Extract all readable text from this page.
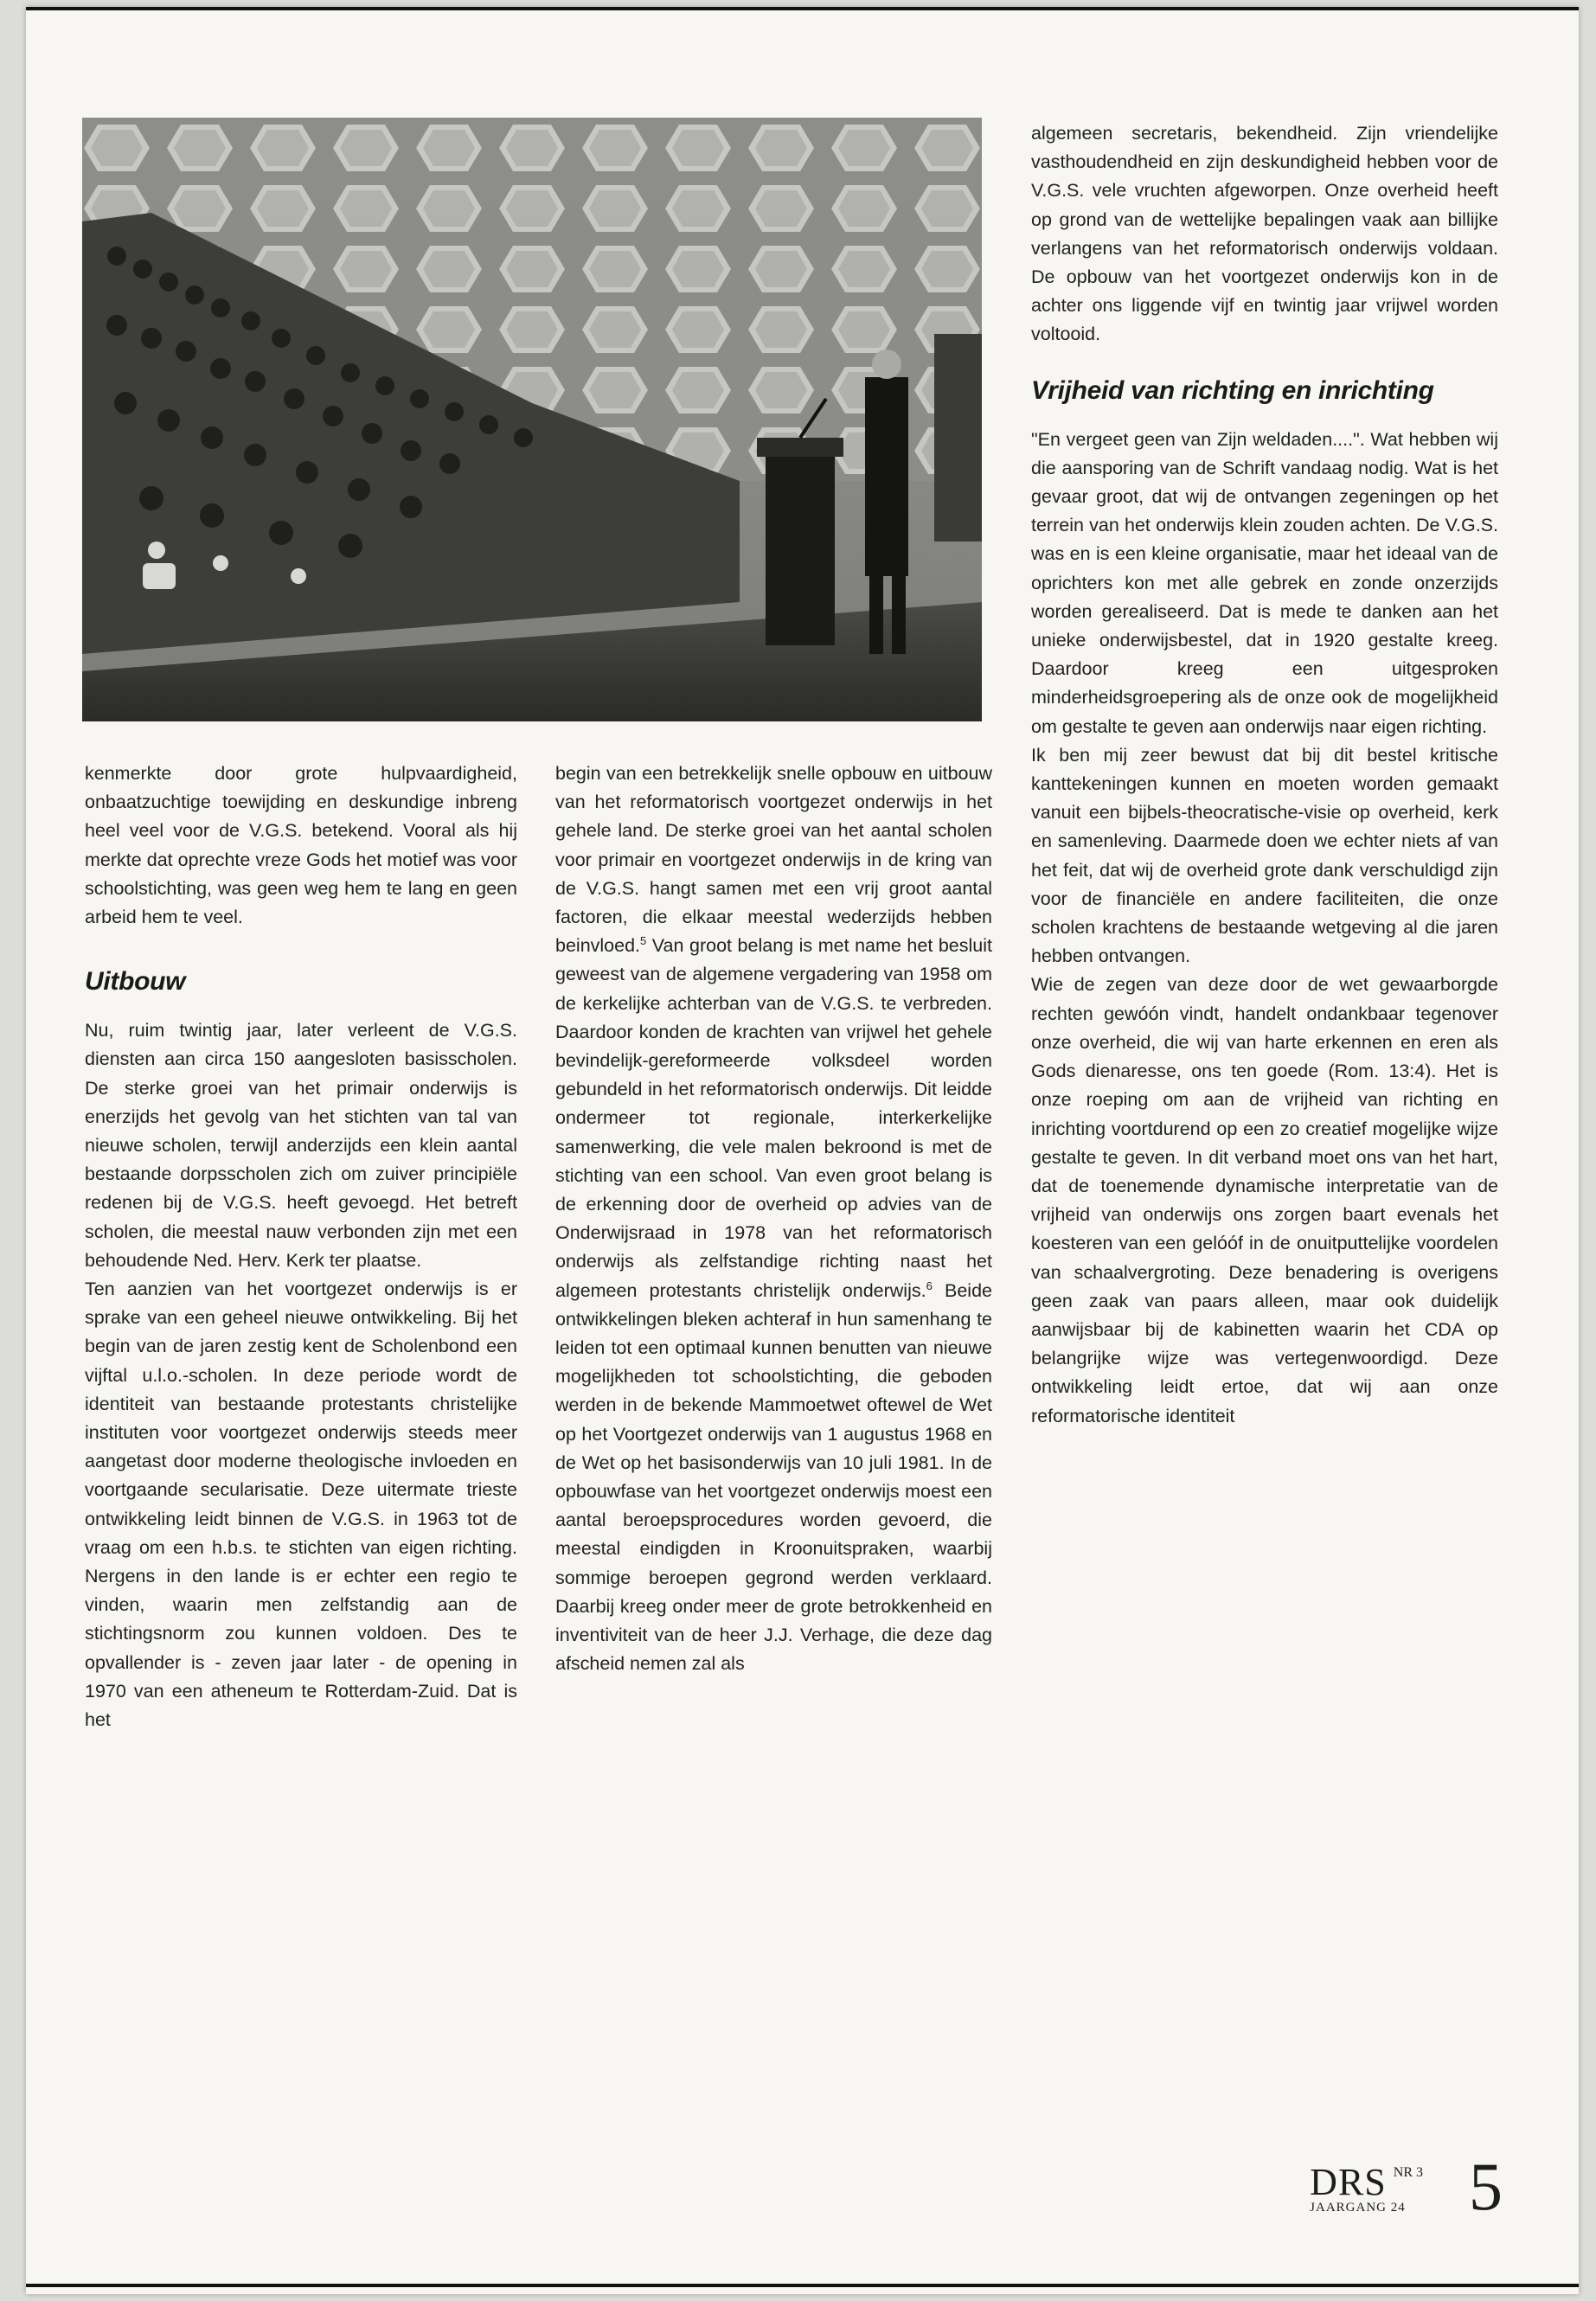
kenmerkte door grote hulpvaardigheid, onbaatzuchtige toewijding en deskundige inbreng heel veel voor de V.G.S. betekend. Vooral als hij merkte dat oprechte vreze Gods het motief was voor schoolstichting, was geen weg hem te lang en geen arbeid hem te veel.

Uitbouw

Nu, ruim twintig jaar, later verleent de V.G.S. diensten aan circa 150 aangesloten basisscholen. De sterke groei van het primair onderwijs is enerzijds het gevolg van het stichten van tal van nieuwe scholen, terwijl anderzijds een klein aantal bestaande dorpsscholen zich om zuiver principiële redenen bij de V.G.S. heeft gevoegd. Het betreft scholen, die meestal nauw verbonden zijn met een behoudende Ned. Herv. Kerk ter plaatse.

Ten aanzien van het voortgezet onderwijs is er sprake van een geheel nieuwe ontwikkeling. Bij het begin van de jaren zestig kent de Scholenbond een vijftal u.l.o.-scholen. In deze periode wordt de identiteit van bestaande protestants christelijke instituten voor voortgezet onderwijs steeds meer aangetast door moderne theologische invloeden en voortgaande secularisatie. Deze uitermate trieste ontwikkeling leidt binnen de V.G.S. in 1963 tot de vraag om een h.b.s. te stichten van eigen richting. Nergens in den lande is er echter een regio te vinden, waarin men zelfstandig aan de stichtingsnorm zou kunnen voldoen. Des te opvallender is - zeven jaar later - de opening in 1970 van een atheneum te Rotterdam-Zuid. Dat is het

begin van een betrekkelijk snelle opbouw en uitbouw van het reformatorisch voortgezet onderwijs in het gehele land. De sterke groei van het aantal scholen voor primair en voortgezet onderwijs in de kring van de V.G.S. hangt samen met een vrij groot aantal factoren, die elkaar meestal wederzijds hebben beinvloed.$^5$ Van groot belang is met name het besluit geweest van de algemene vergadering van 1958 om de kerkelijke achterban van de V.G.S. te verbreden. Daardoor konden de krachten van vrijwel het gehele bevindelijk-gereformeerde volksdeel worden gebundeld in het reformatorisch onderwijs. Dit leidde ondermeer tot regionale, interkerkelijke samenwerking, die vele malen bekroond is met de stichting van een school. Van even groot belang is de erkenning door de overheid op advies van de Onderwijsraad in 1978 van het reformatorisch onderwijs als zelfstandige richting naast het algemeen protestants christelijk onderwijs.$^6$ Beide ontwikkelingen bleken achteraf in hun samenhang te leiden tot een optimaal kunnen benutten van nieuwe mogelijkheden tot schoolstichting, die geboden werden in de bekende Mammoetwet oftewel de Wet op het Voortgezet onderwijs van 1 augustus 1968 en de Wet op het basisonderwijs van 10 juli 1981. In de opbouwfase van het voortgezet onderwijs moest een aantal beroepsprocedures worden gevoerd, die meestal eindigden in Kroonuitspraken, waarbij sommige beroepen gegrond werden verklaard. Daarbij kreeg onder meer de grote betrokkenheid en inventiviteit van de heer J.J. Verhage, die deze dag afscheid nemen zal als

algemeen secretaris, bekendheid. Zijn vriendelijke vasthoudendheid en zijn deskundigheid hebben voor de V.G.S. vele vruchten afgeworpen. Onze overheid heeft op grond van de wettelijke bepalingen vaak aan billijke verlangens van het reformatorisch onderwijs voldaan. De opbouw van het voortgezet onderwijs kon in de achter ons liggende vijf en twintig jaar vrijwel worden voltooid.

Vrijheid van richting en inrichting

"En vergeet geen van Zijn weldaden....". Wat hebben wij die aansporing van de Schrift vandaag nodig. Wat is het gevaar groot, dat wij de ontvangen zegeningen op het terrein van het onderwijs klein zouden achten. De V.G.S. was en is een kleine organisatie, maar het ideaal van de oprichters kon met alle gebrek en zonde onzerzijds worden gerealiseerd. Dat is mede te danken aan het unieke onderwijsbestel, dat in 1920 gestalte kreeg. Daardoor kreeg een uitgesproken minderheidsgroepering als de onze ook de mogelijkheid om gestalte te geven aan onderwijs naar eigen richting.

Ik ben mij zeer bewust dat bij dit bestel kritische kanttekeningen kunnen en moeten worden gemaakt vanuit een bijbels-theocratische-visie op overheid, kerk en samenleving. Daarmede doen we echter niets af van het feit, dat wij de overheid grote dank verschuldigd zijn voor de financiële en andere faciliteiten, die onze scholen krachtens de bestaande wetgeving al die jaren hebben ontvangen.

Wie de zegen van deze door de wet gewaarborgde rechten gewóón vindt, handelt ondankbaar tegenover onze overheid, die wij van harte erkennen en eren als Gods dienaresse, ons ten goede (Rom. 13:4). Het is onze roeping om aan de vrijheid van richting en inrichting voortdurend op een zo creatief mogelijke wijze gestalte te geven. In dit verband moet ons van het hart, dat de toenemende dynamische interpretatie van de vrijheid van onderwijs ons zorgen baart evenals het koesteren van een gelóóf in de onuitputtelijke voordelen van schaalvergroting. Deze benadering is overigens geen zaak van paars alleen, maar ook duidelijk aanwijsbaar bij de kabinetten waarin het CDA op belangrijke wijze was vertegenwoordigd. Deze ontwikkeling leidt ertoe, dat wij aan onze reformatorische identiteit

DRS NR 3
JAARGANG 24 5
